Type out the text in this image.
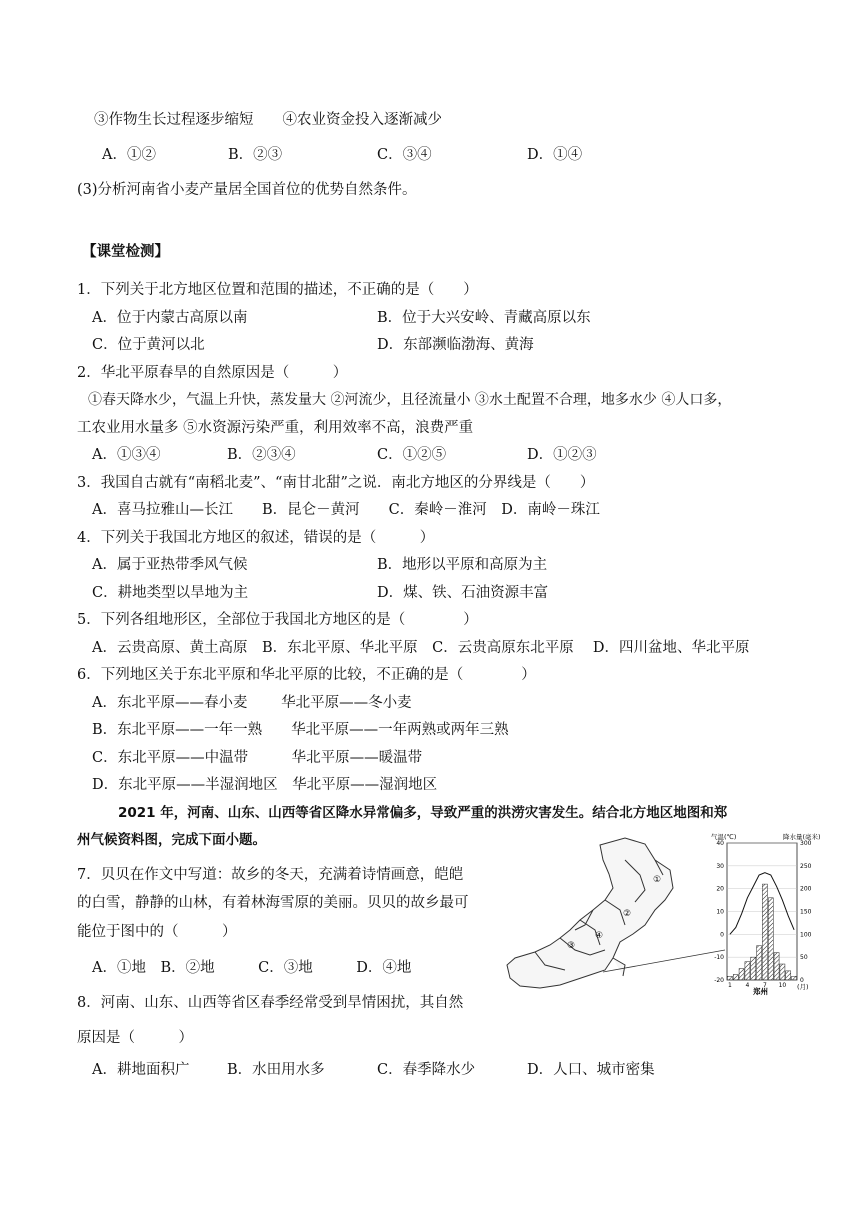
③作物生长过程逐步缩短　　④农业资金投入逐渐减少
A．①②	B．②③	C．③④	D．①④
(3)分析河南省小麦产量居全国首位的优势自然条件。
【课堂检测】
1．下列关于北方地区位置和范围的描述，不正确的是（　　）
A．位于内蒙古高原以南	B．位于大兴安岭、青藏高原以东
C．位于黄河以北	D．东部濒临渤海、黄海
2．华北平原春旱的自然原因是（　　　）
①春天降水少，气温上升快，蒸发量大 ②河流少，且径流量小 ③水土配置不合理，地多水少 ④人口多，
工农业用水量多 ⑤水资源污染严重，利用效率不高，浪费严重
A．①③④	B．②③④	C．①②⑤	D．①②③
3．我国自古就有“南稻北麦”、“南甘北甜”之说．南北方地区的分界线是（　　）
A．喜马拉雅山—长江　　B．昆仑－黄河　　C．秦岭－淮河　D．南岭－珠江
4．下列关于我国北方地区的叙述，错误的是（　　　）
A．属于亚热带季风气候	B．地形以平原和高原为主
C．耕地类型以旱地为主	D．煤、铁、石油资源丰富
5．下列各组地形区，全部位于我国北方地区的是（　　　　）
A．云贵高原、黄土高原　B．东北平原、华北平原　C．云贵高原东北平原　 D．四川盆地、华北平原
6．下列地区关于东北平原和华北平原的比较，不正确的是（　　　　）
A．东北平原——春小麦　　 华北平原——冬小麦
B．东北平原——一年一熟　　华北平原——一年两熟或两年三熟
C．东北平原——中温带　　　华北平原——暖温带
D．东北平原——半湿润地区　华北平原——湿润地区
2021 年，河南、山东、山西等省区降水异常偏多，导致严重的洪涝灾害发生。结合北方地区地图和郑
州气候资料图，完成下面小题。
7．贝贝在作文中写道：故乡的冬天，充满着诗情画意，皑皑
的白雪，静静的山林，有着林海雪原的美丽。贝贝的故乡最可
能位于图中的（　　　）
A．①地　B．②地　　　C．③地　　　D．④地
8．河南、山东、山西等省区春季经常受到旱情困扰，其自然
原因是（　　　）
A．耕地面积广	B．水田用水多	C．春季降水少	D．人口、城市密集
①
②
③
④
气温(℃)	降水量(毫米)
-20
-10
0
10
20
30
40
0
50
100
150
200
250
300
1 4 7 10 (月)
郑州
